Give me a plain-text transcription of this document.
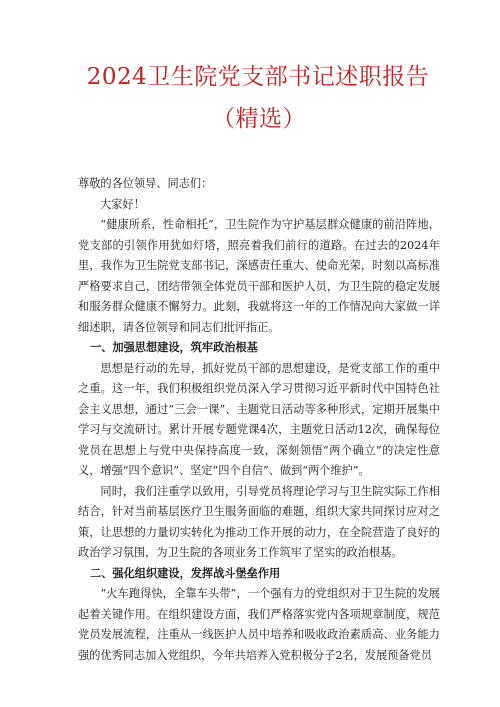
2024卫生院党支部书记述职报告
（精选）

尊敬的各位领导、同志们：

大家好！

“健康所系，性命相托”，卫生院作为守护基层群众健康的前沿阵地，党支部的引领作用犹如灯塔，照亮着我们前行的道路。在过去的2024年里，我作为卫生院党支部书记，深感责任重大、使命光荣，时刻以高标准严格要求自己，团结带领全体党员干部和医护人员，为卫生院的稳定发展和服务群众健康不懈努力。此刻，我就将这一年的工作情况向大家做一详细述职，请各位领导和同志们批评指正。

一、加强思想建设，筑牢政治根基

思想是行动的先导，抓好党员干部的思想建设，是党支部工作的重中之重。这一年，我们积极组织党员深入学习贯彻习近平新时代中国特色社会主义思想，通过“三会一课”、主题党日活动等多种形式，定期开展集中学习与交流研讨。累计开展专题党课4次，主题党日活动12次，确保每位党员在思想上与党中央保持高度一致，深刻领悟“两个确立”的决定性意义，增强“四个意识”、坚定“四个自信”、做到“两个维护”。

同时，我们注重学以致用，引导党员将理论学习与卫生院实际工作相结合，针对当前基层医疗卫生服务面临的难题，组织大家共同探讨应对之策，让思想的力量切实转化为推动工作开展的动力，在全院营造了良好的政治学习氛围，为卫生院的各项业务工作筑牢了坚实的政治根基。

二、强化组织建设，发挥战斗堡垒作用

“火车跑得快，全靠车头带”，一个强有力的党组织对于卫生院的发展起着关键作用。在组织建设方面，我们严格落实党内各项规章制度，规范党员发展流程，注重从一线医护人员中培养和吸收政治素质高、业务能力强的优秀同志加入党组织，今年共培养入党积极分子2名，发展预备党员
